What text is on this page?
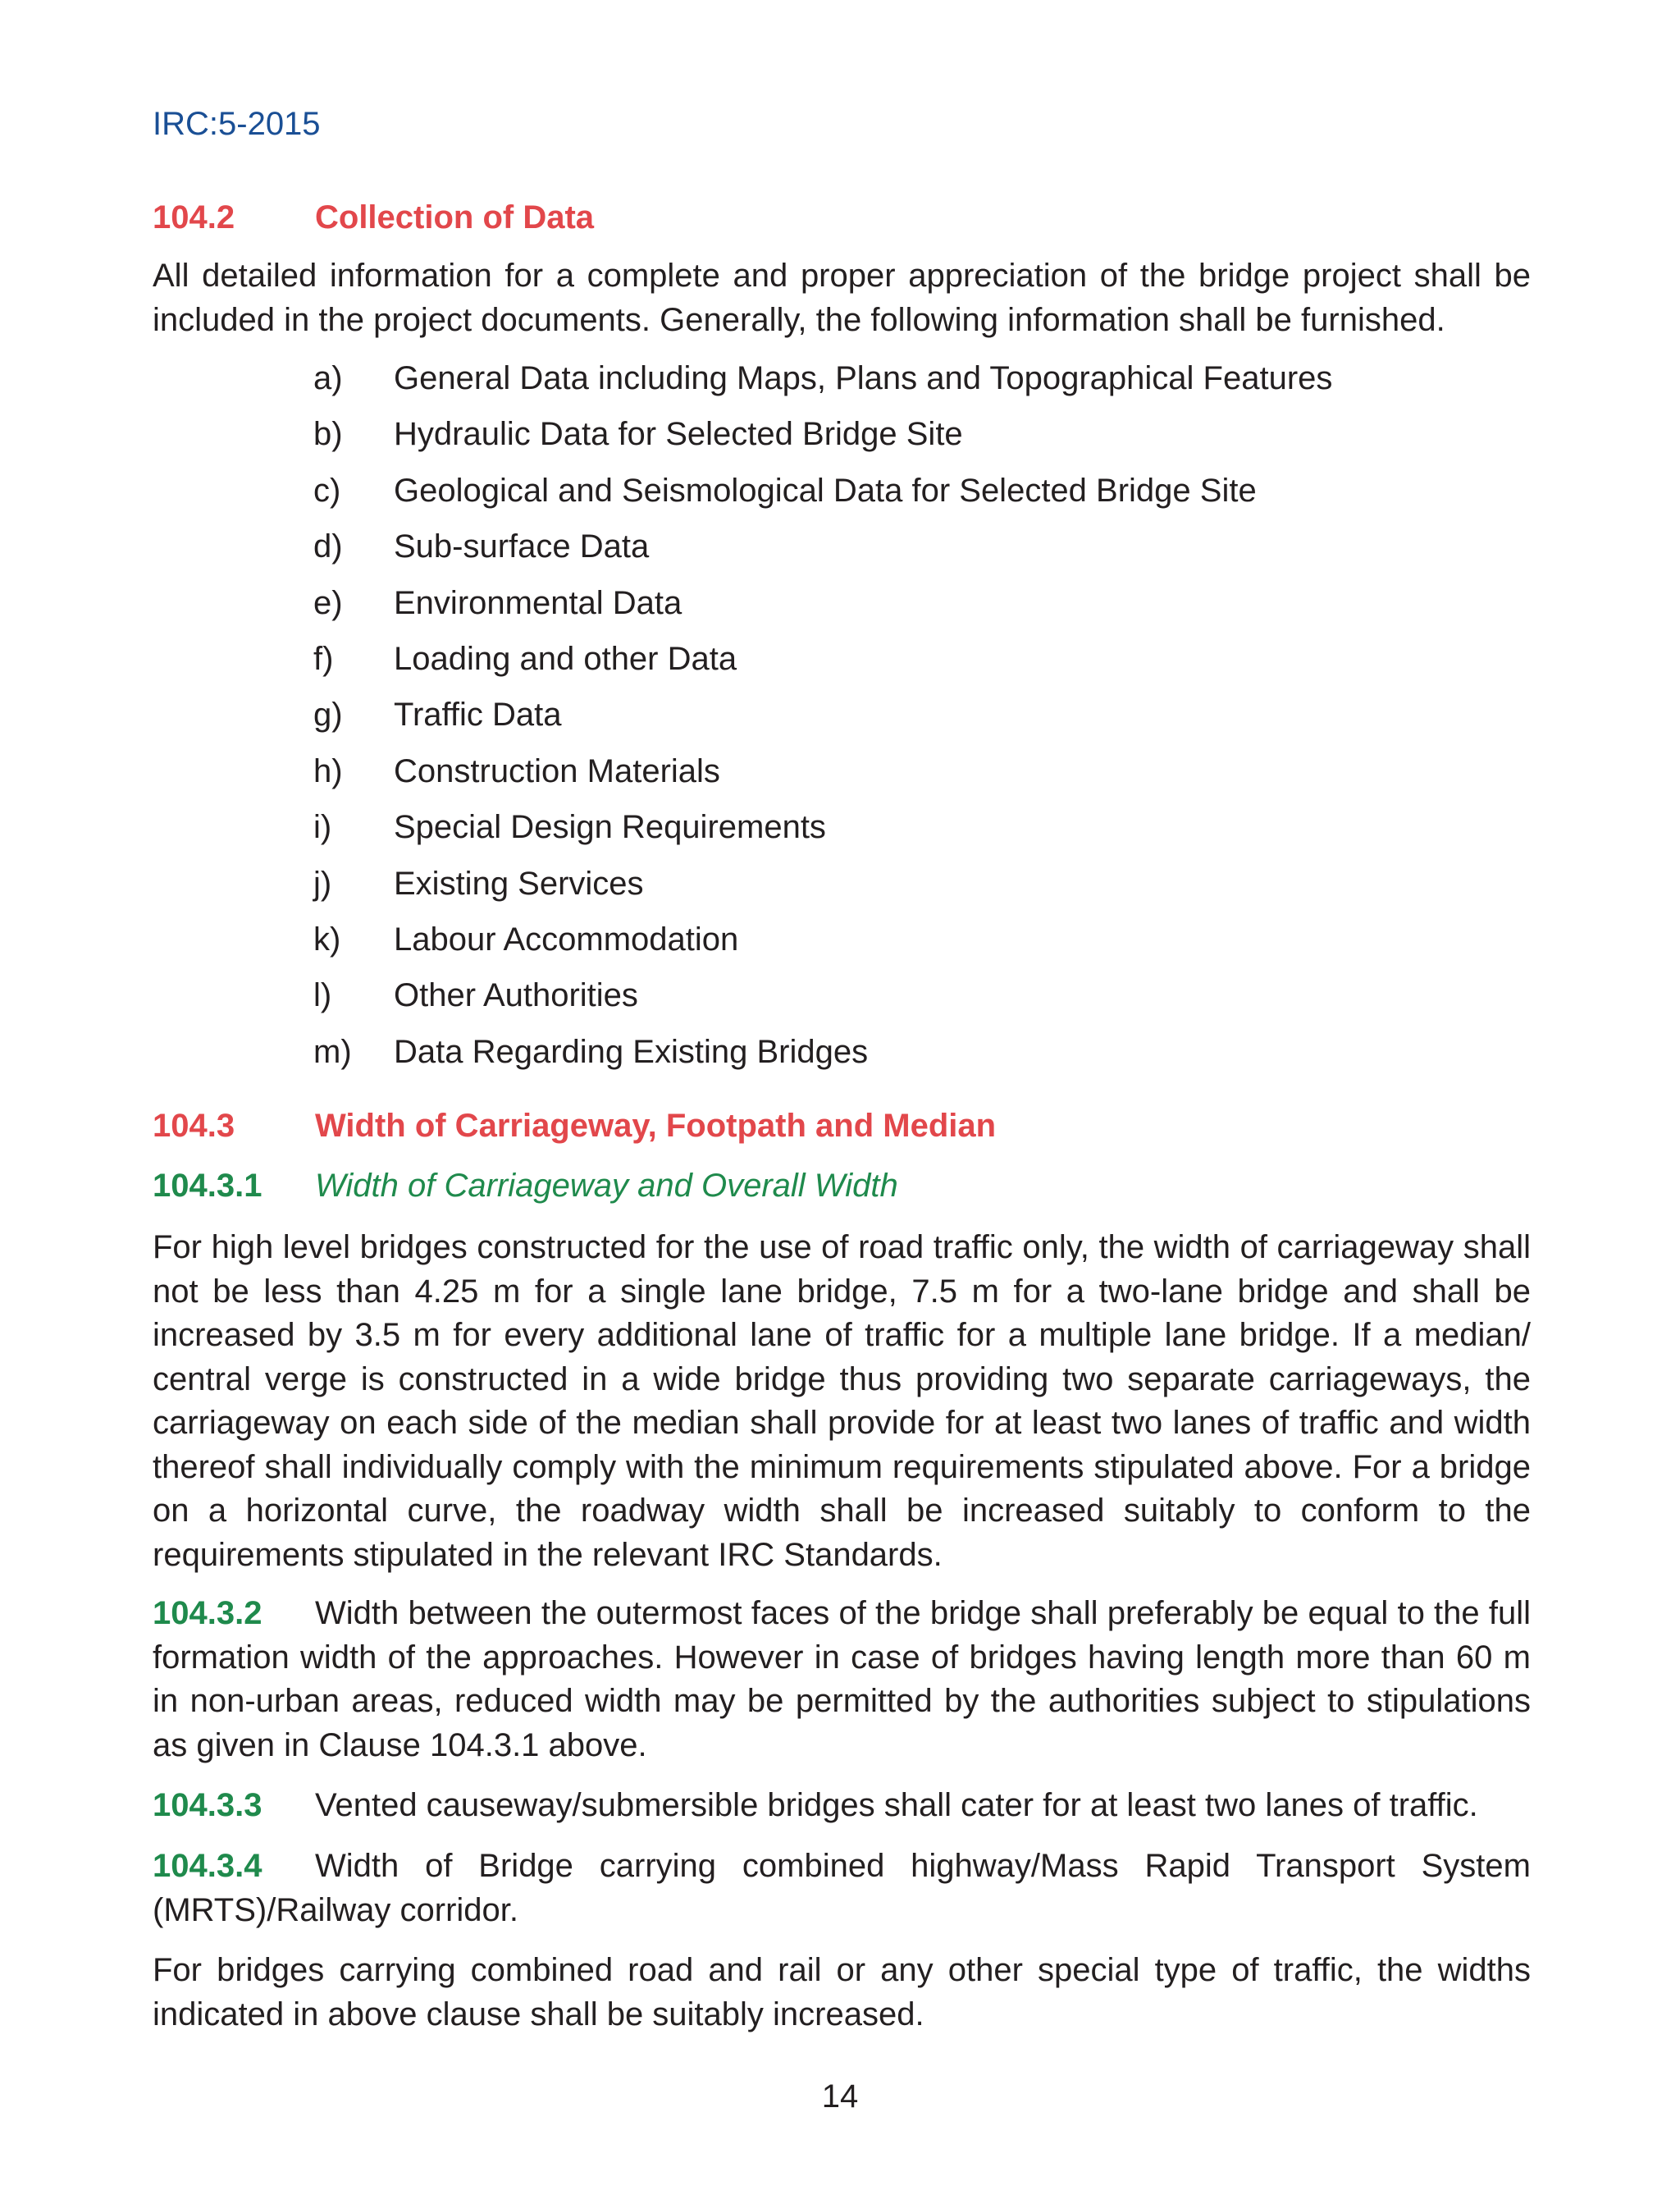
IRC:5-2015
104.2 Collection of Data

All detailed information for a complete and proper appreciation of the bridge project shall be included in the project documents. Generally, the following information shall be furnished.

a) General Data including Maps, Plans and Topographical Features
b) Hydraulic Data for Selected Bridge Site
c) Geological and Seismological Data for Selected Bridge Site
d) Sub-surface Data
e) Environmental Data
f) Loading and other Data
g) Traffic Data
h) Construction Materials
i) Special Design Requirements
j) Existing Services
k) Labour Accommodation
l) Other Authorities
m) Data Regarding Existing Bridges
104.3 Width of Carriageway, Footpath and Median
104.3.1 Width of Carriageway and Overall Width

For high level bridges constructed for the use of road traffic only, the width of carriageway shall not be less than 4.25 m for a single lane bridge, 7.5 m for a two-lane bridge and shall be increased by 3.5 m for every additional lane of traffic for a multiple lane bridge. If a median/ central verge is constructed in a wide bridge thus providing two separate carriageways, the carriageway on each side of the median shall provide for at least two lanes of traffic and width thereof shall individually comply with the minimum requirements stipulated above. For a bridge on a horizontal curve, the roadway width shall be increased suitably to conform to the requirements stipulated in the relevant IRC Standards.

104.3.2 Width between the outermost faces of the bridge shall preferably be equal to the full formation width of the approaches. However in case of bridges having length more than 60 m in non-urban areas, reduced width may be permitted by the authorities subject to stipulations as given in Clause 104.3.1 above.

104.3.3 Vented causeway/submersible bridges shall cater for at least two lanes of traffic.

104.3.4 Width of Bridge carrying combined highway/Mass Rapid Transport System (MRTS)/Railway corridor.

For bridges carrying combined road and rail or any other special type of traffic, the widths indicated in above clause shall be suitably increased.

14
